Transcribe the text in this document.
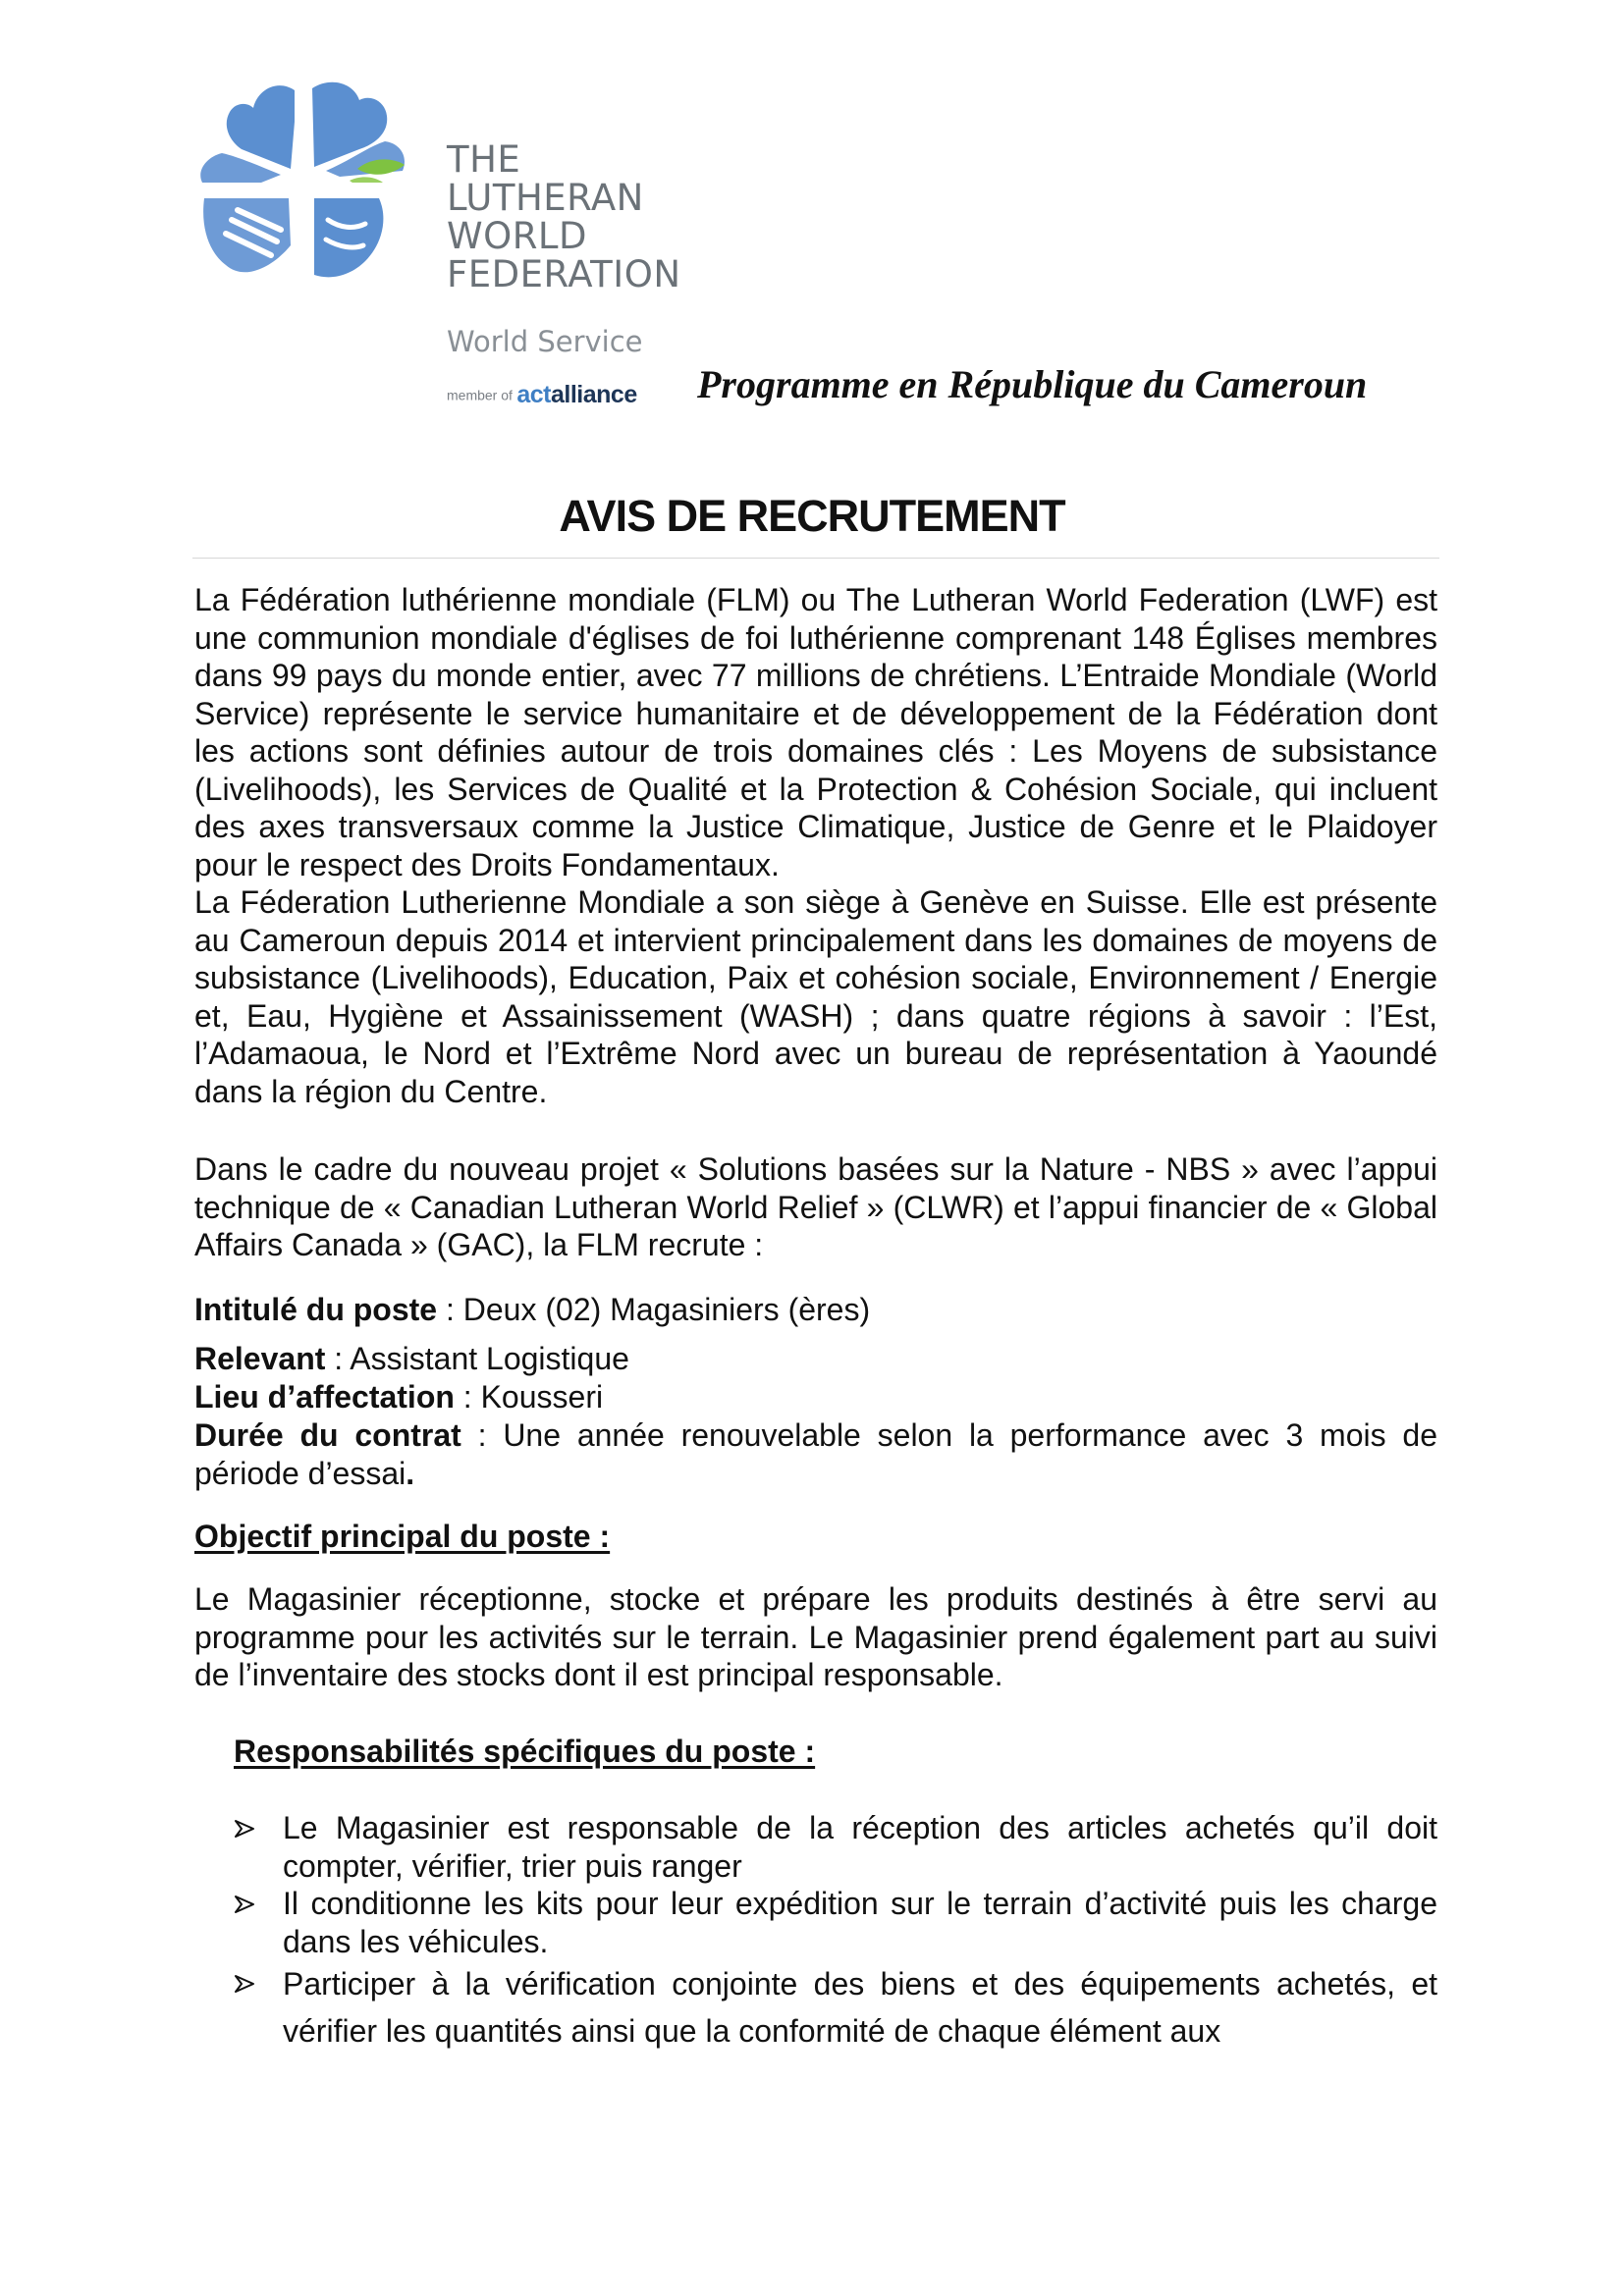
THE
LUTHERAN
WORLD
FEDERATION
World Service
member of actalliance Programme en République du Cameroun
AVIS DE RECRUTEMENT

La Fédération luthérienne mondiale (FLM) ou The Lutheran World Federation (LWF) est une communion mondiale d'églises de foi luthérienne comprenant 148 Églises membres dans 99 pays du monde entier, avec 77 millions de chrétiens. L’Entraide Mondiale (World Service) représente le service humanitaire et de développement de la Fédération dont les actions sont définies autour de trois domaines clés : Les Moyens de subsistance (Livelihoods), les Services de Qualité et la Protection & Cohésion Sociale, qui incluent des axes transversaux comme la Justice Climatique, Justice de Genre et le Plaidoyer pour le respect des Droits Fondamentaux.

La Féderation Lutherienne Mondiale a son siège à Genève en Suisse. Elle est présente au Cameroun depuis 2014 et intervient principalement dans les domaines de moyens de subsistance (Livelihoods), Education, Paix et cohésion sociale, Environnement / Energie et, Eau, Hygiène et Assainissement (WASH) ; dans quatre régions à savoir : l’Est, l’Adamaoua, le Nord et l’Extrême Nord avec un bureau de représentation à Yaoundé dans la région du Centre.

Dans le cadre du nouveau projet « Solutions basées sur la Nature - NBS » avec l’appui technique de « Canadian Lutheran World Relief » (CLWR) et l’appui financier de « Global Affairs Canada » (GAC), la FLM recrute :

Intitulé du poste : Deux (02) Magasiniers (ères)
Relevant : Assistant Logistique
Lieu d’affectation : Kousseri
Durée du contrat : Une année renouvelable selon la performance avec 3 mois de période d’essai.
Objectif principal du poste :

Le Magasinier réceptionne, stocke et prépare les produits destinés à être servi au programme pour les activités sur le terrain. Le Magasinier prend également part au suivi de l’inventaire des stocks dont il est principal responsable.

Responsabilités spécifiques du poste :
Le Magasinier est responsable de la réception des articles achetés qu’il doit compter, vérifier, trier puis ranger
Il conditionne les kits pour leur expédition sur le terrain d’activité puis les charge dans les véhicules.
Participer à la vérification conjointe des biens et des équipements achetés, et vérifier les quantités ainsi que la conformité de chaque élément aux
